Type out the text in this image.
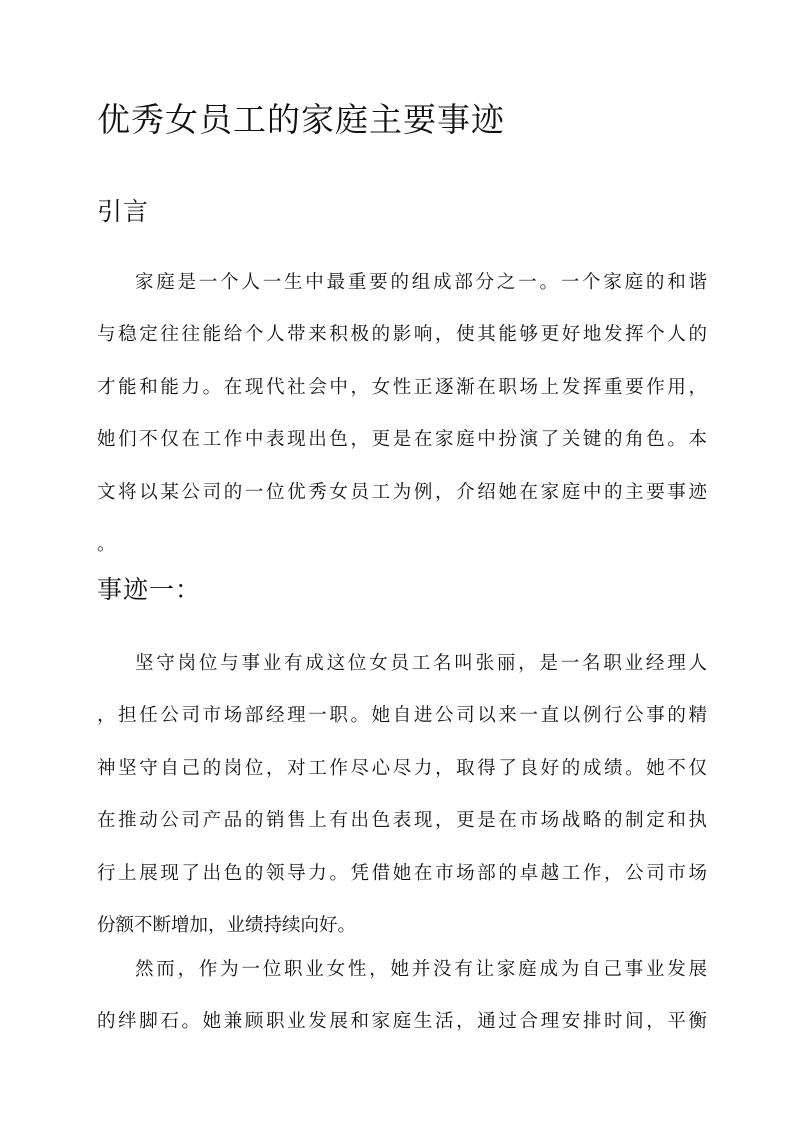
优秀女员工的家庭主要事迹
引言
家庭是一个人一生中最重要的组成部分之一。一个家庭的和谐
与稳定往往能给个人带来积极的影响，使其能够更好地发挥个人的
才能和能力。在现代社会中，女性正逐渐在职场上发挥重要作用，
她们不仅在工作中表现出色，更是在家庭中扮演了关键的角色。本
文将以某公司的一位优秀女员工为例，介绍她在家庭中的主要事迹
。
事迹一：
坚守岗位与事业有成这位女员工名叫张丽，是一名职业经理人
，担任公司市场部经理一职。她自进公司以来一直以例行公事的精
神坚守自己的岗位，对工作尽心尽力，取得了良好的成绩。她不仅
在推动公司产品的销售上有出色表现，更是在市场战略的制定和执
行上展现了出色的领导力。凭借她在市场部的卓越工作，公司市场
份额不断增加，业绩持续向好。
然而，作为一位职业女性，她并没有让家庭成为自己事业发展
的绊脚石。她兼顾职业发展和家庭生活，通过合理安排时间，平衡
